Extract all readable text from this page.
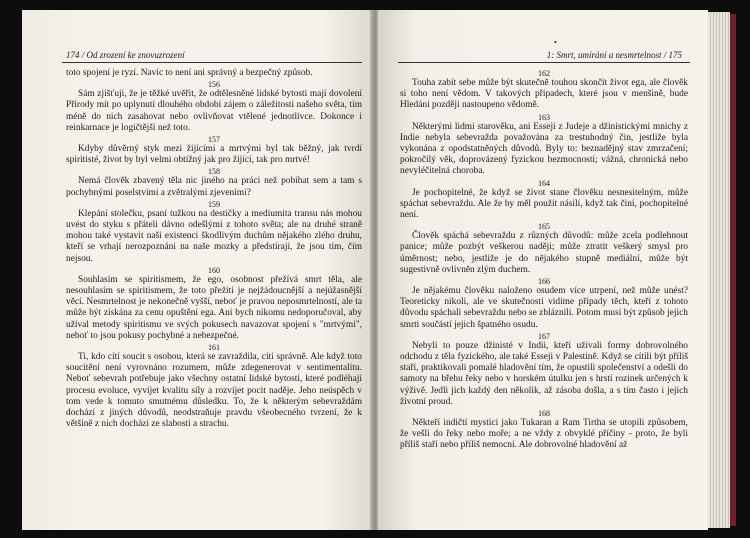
174 / Od zrození ke znovuzrození

toto spojení je ryzí. Navíc to není ani správný a bezpečný způsob.

156

Sám zjišťuji, že je těžké uvěřit, že odtělesněné lidské bytosti mají dovolení Přírody mít po uplynutí dlouhého období zájem o záležitosti našeho světa, tím méně do nich zasahovat nebo ovlivňovat vtělené jednotlivce. Dokonce i reinkarnace je logičtější než toto.

157

Kdyby důvěrný styk mezi žijícími a mrtvými byl tak běžný, jak tvrdí spiritisté, život by byl velmi obtížný jak pro žijící, tak pro mrtvé!

158

Nemá člověk zbavený těla nic jiného na práci než pobíhat sem a tam s pochybnými poselstvími a zvětralými zjeveními?

159

Klepání stolečku, psaní tužkou na destičky a mediumita transu nás mohou uvést do styku s přáteli dávno odešlými z tohoto světa; ale na druhé straně mohou také vystavit naši existenci škodlivým duchům nějakého zlého druhu, kteří se vrhají nerozpoznáni na naše mozky a předstírají, že jsou tím, čím nejsou.

160

Souhlasím se spiritismem, že ego, osobnost přežívá smrt těla, ale nesouhlasím se spiritismem, že toto přežití je nejžádoucnější a nejúžasnější věcí. Nesmrtelnost je nekonečně vyšší, neboť je pravou neposmrtelností, ale ta může být získána za cenu opuštění ega. Ani bych nikomu nedoporučoval, aby užíval metody spiritismu ve svých pokusech navazovat spojení s "mrtvými", neboť to jsou pokusy pochybné a nebezpečné.

161

Ti, kdo cítí soucit s osobou, která se zavraždila, cítí správně. Ale když toto soucítění není vyrovnáno rozumem, může zdegenerovat v sentimentalitu. Neboť sebevrah potřebuje jako všechny ostatní lidské bytosti, které podléhají procesu evoluce, vyvíjet kvalitu síly a rozvíjet pocit naděje. Jeho neúspěch v tom vede k tomuto smutnému důsledku. To, že k některým sebevraždám dochází z jiných důvodů, neodstraňuje pravdu všeobecného tvrzení, že k většině z nich dochází ze slabosti a strachu.

•
1: Smrt, umírání a nesmrtelnost / 175
162

Touha zabít sebe může být skutečně touhou skončit život ega, ale člověk si toho není vědom. V takových případech, které jsou v menšině, bude Hledání později nastoupeno vědomě.

163

Některými lidmi starověku, ani Esseji z Judeje a džinistickými mnichy z Indie nebyla sebevražda považována za trestuhodný čin, jestliže byla vykonána z opodstatněných důvodů. Byly to: beznadějný stav zmrzačení; pokročilý věk, doprovázený fyzickou bezmocností; vážná, chronická nebo nevyléčitelná choroba.

164

Je pochopitelné, že když se život stane člověku nesnesitelným, může spáchat sebevraždu. Ale že by měl použít násilí, když tak činí, pochopitelné není.

165

Člověk spáchá sebevraždu z různých důvodů: může zcela podlehnout panice; může pozbýt veškerou naději; může ztratit veškerý smysl pro úměrnost; nebo, jestliže je do nějakého stupně mediální, může být sugestivně ovlivněn zlým duchem.

166

Je nějakému člověku naloženo osudem více utrpení, než může unést? Teoreticky nikoli, ale ve skutečnosti vidíme případy těch, kteří z tohoto důvodu spáchali sebevraždu nebo se zbláznili. Potom musí být způsob jejich smrti součástí jejich špatného osudu.

167

Nebyli to pouze džinisté v Indii, kteří užívali formy dobrovolného odchodu z těla fyzického, ale také Esseji v Palestině. Když se cítili být příliš staří, praktikovali pomalé hladovění tím, že opustili společenství a odešli do samoty na břehu řeky nebo v horském útulku jen s hrstí rozinek určených k výživě. Jedli jich každý den několik, až zásoba došla, a s tím často i jejich životní proud.

168

Někteří indičtí mystici jako Tukaran a Ram Tirtha se utopili způsobem, že vešli do řeky nebo moře; a ne vždy z obvyklé příčiny - proto, že byli příliš staří nebo příliš nemocní. Ale dobrovolné hladovění až
